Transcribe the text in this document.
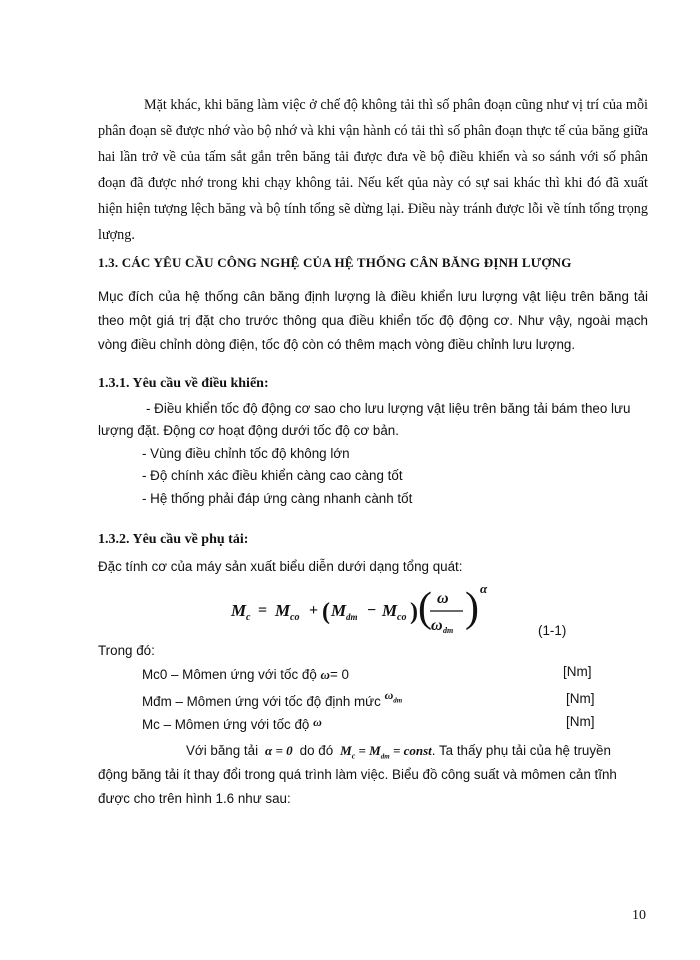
Mặt khác, khi băng làm việc ở chế độ không tải thì số phân đoạn cũng như vị trí của mỗi phân đoạn sẽ được nhớ vào bộ nhớ và khi vận hành có tải thì số phân đoạn thực tế của băng giữa hai lần trở về của tấm sắt gắn trên băng tải được đưa về bộ điều khiển và so sánh với số phân đoạn đã được nhớ trong khi chạy không tải. Nếu kết qủa này có sự sai khác thì khi đó đã xuất hiện hiện tượng lệch băng và bộ tính tổng sẽ dừng lại. Điều này tránh được lỗi về tính tổng trọng lượng.
1.3. CÁC YÊU CẦU CÔNG NGHỆ CỦA HỆ THỐNG CÂN BĂNG ĐỊNH LƯỢNG
Mục đích của hệ thống cân băng định lượng là điều khiển lưu lượng vật liệu trên băng tải theo một giá trị đặt cho trước thông qua điều khiển tốc độ động cơ. Như vậy, ngoài mạch vòng điều chỉnh dòng điện, tốc độ còn có thêm mạch vòng điều chỉnh lưu lượng.
1.3.1. Yêu cầu về điều khiển:
- Điều khiển tốc độ động cơ sao cho lưu lượng vật liệu trên băng tải bám theo lưu
lượng đặt. Động cơ hoạt động dưới tốc độ cơ bản.
- Vùng điều chỉnh tốc độ không lớn
- Độ chính xác điều khiển càng cao càng tốt
- Hệ thống phải đáp ứng càng nhanh cành tốt
1.3.2. Yêu cầu về phụ tải:
Đặc tính cơ của máy sản xuất biểu diễn dưới dạng tổng quát:
M c = M co + ( M dm − M co ) ( ω
ω dm ) α
(1-1)
Trong đó:
Mc0 – Mômen ứng với tốc độ ω= 0	[Nm]
Mđm – Mômen ứng với tốc độ định mức $\omega_{dm}$	[Nm]
Mc – Mômen ứng với tốc độ ω	[Nm]
Với băng tải  α = 0  do đó  $M_c = M_{dm}$ = const. Ta thấy phụ tải của hệ truyền
động băng tải ít thay đổi trong quá trình làm việc. Biểu đồ công suất và mômen cản tĩnh
được cho trên hình 1.6 như sau:
10
